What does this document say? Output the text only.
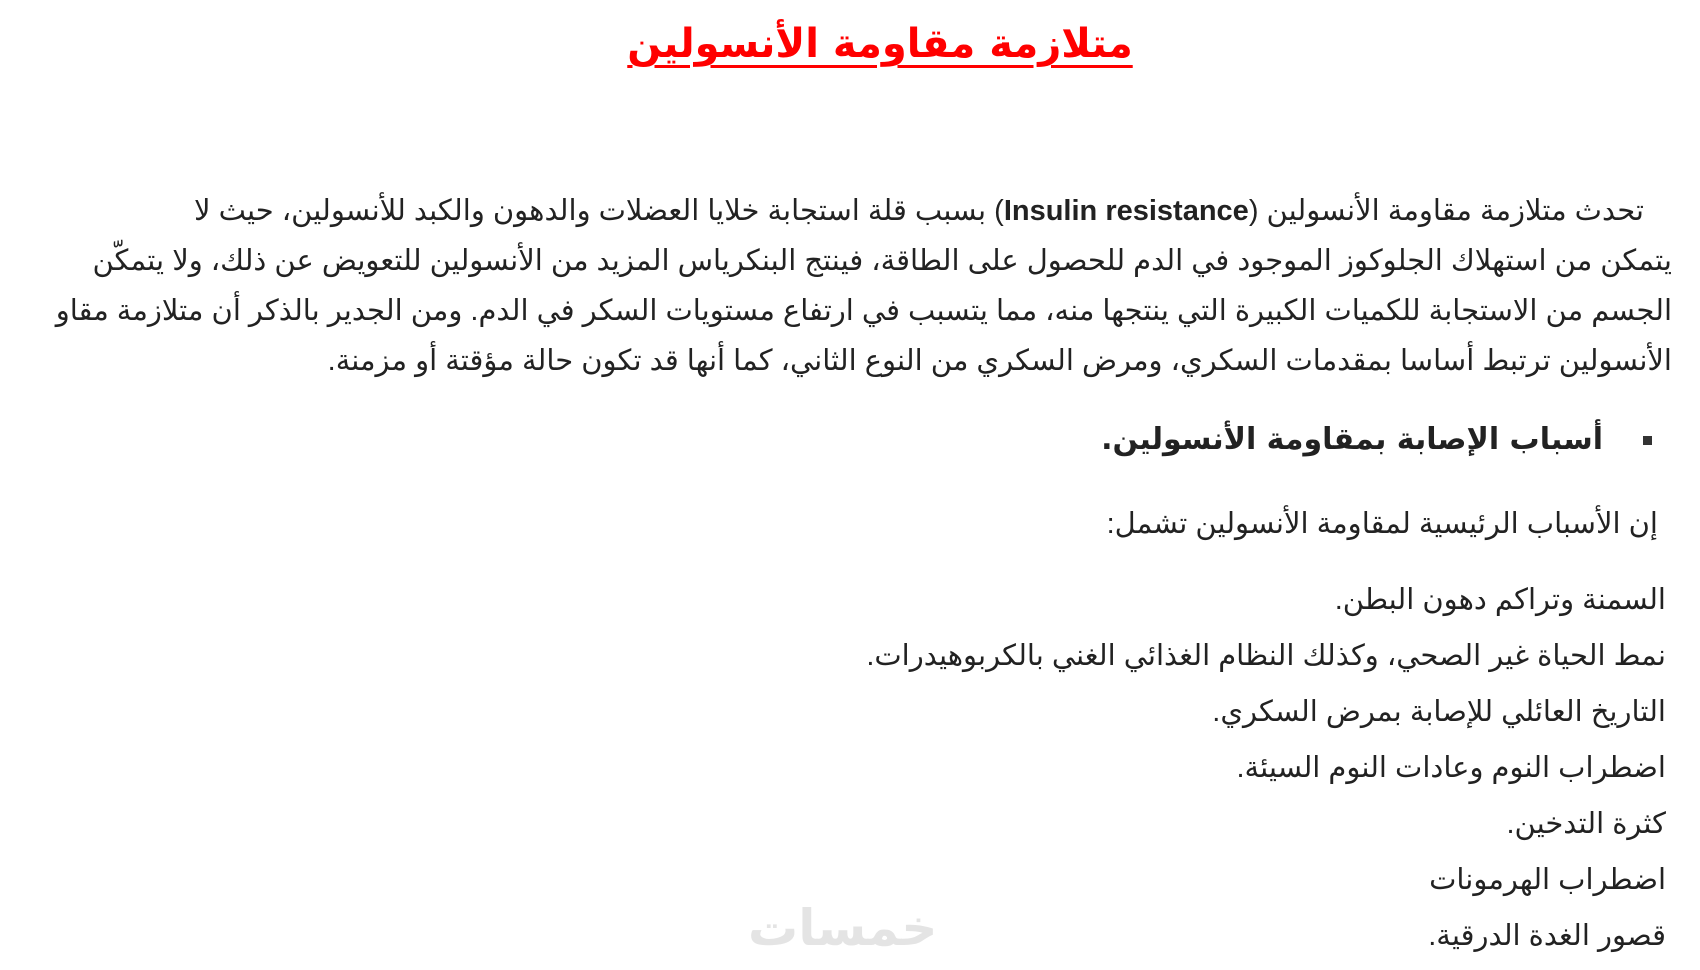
متلازمة مقاومة الأنسولين

تحدث متلازمة مقاومة الأنسولين (Insulin resistance) بسبب قلة استجابة خلايا العضلات والدهون والكبد للأنسولين، حيث لا

يتمكن من استهلاك الجلوكوز الموجود في الدم للحصول على الطاقة، فينتج البنكرياس المزيد من الأنسولين للتعويض عن ذلك، ولا يتمكّن

الجسم من الاستجابة للكميات الكبيرة التي ينتجها منه، مما يتسبب في ارتفاع مستويات السكر في الدم. ومن الجدير بالذكر أن متلازمة مقاو

الأنسولين ترتبط أساسا بمقدمات السكري، ومرض السكري من النوع الثاني، كما أنها قد تكون حالة مؤقتة أو مزمنة.

أسباب الإصابة بمقاومة الأنسولين.

إن الأسباب الرئيسية لمقاومة الأنسولين تشمل:

السمنة وتراكم دهون البطن.
نمط الحياة غير الصحي، وكذلك النظام الغذائي الغني بالكربوهيدرات.
التاريخ العائلي للإصابة بمرض السكري.
اضطراب النوم وعادات النوم السيئة.
كثرة التدخين.
اضطراب الهرمونات
قصور الغدة الدرقية.
خمسات
